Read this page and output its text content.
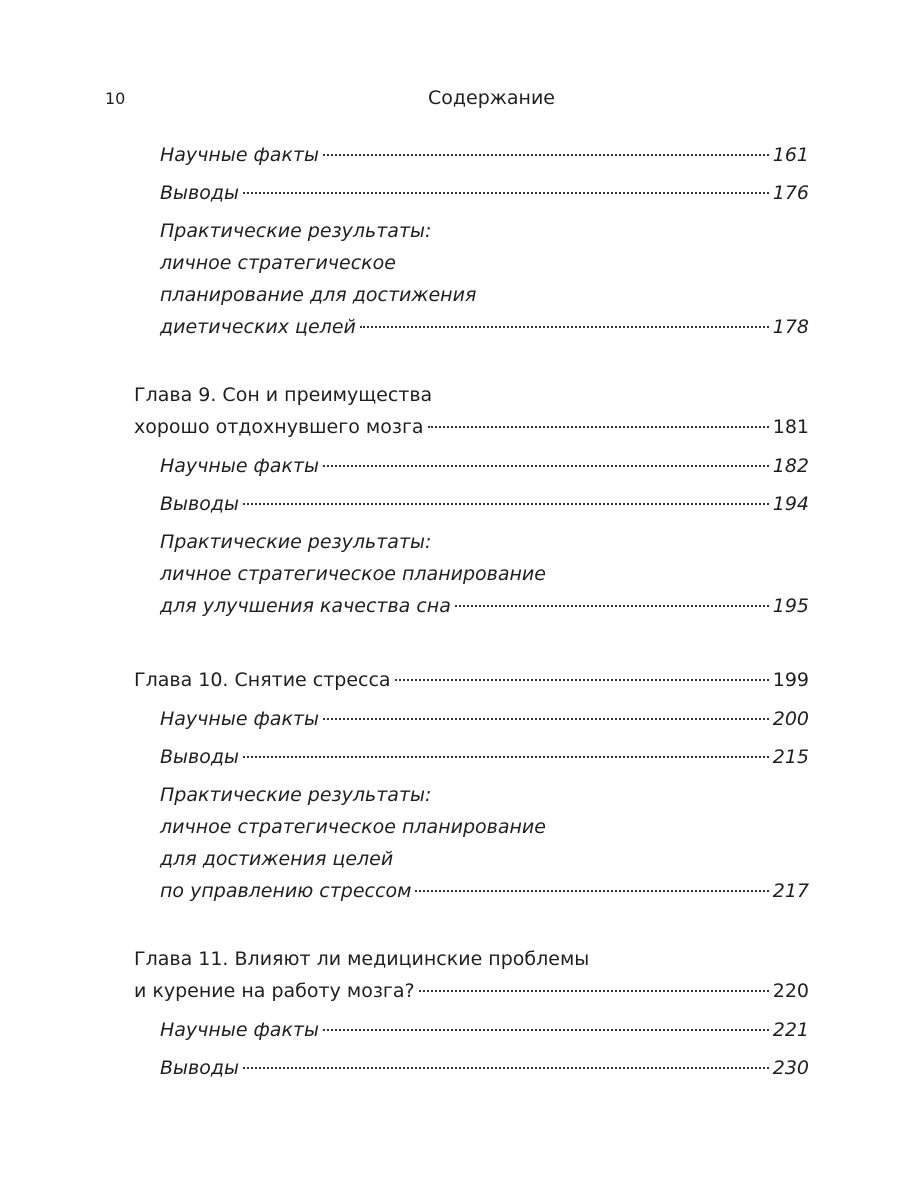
10	Содержание
Научные факты	161
Выводы	176
Практические результаты:
личное стратегическое
планирование для достижения
диетических целей	178
Глава 9. Сон и преимущества
хорошо отдохнувшего мозга	181
Научные факты	182
Выводы	194
Практические результаты:
личное стратегическое планирование
для улучшения качества сна	195
Глава 10. Снятие стресса	199
Научные факты	200
Выводы	215
Практические результаты:
личное стратегическое планирование
для достижения целей
по управлению стрессом	217
Глава 11. Влияют ли медицинские проблемы
и курение на работу мозга?	220
Научные факты	221
Выводы	230
